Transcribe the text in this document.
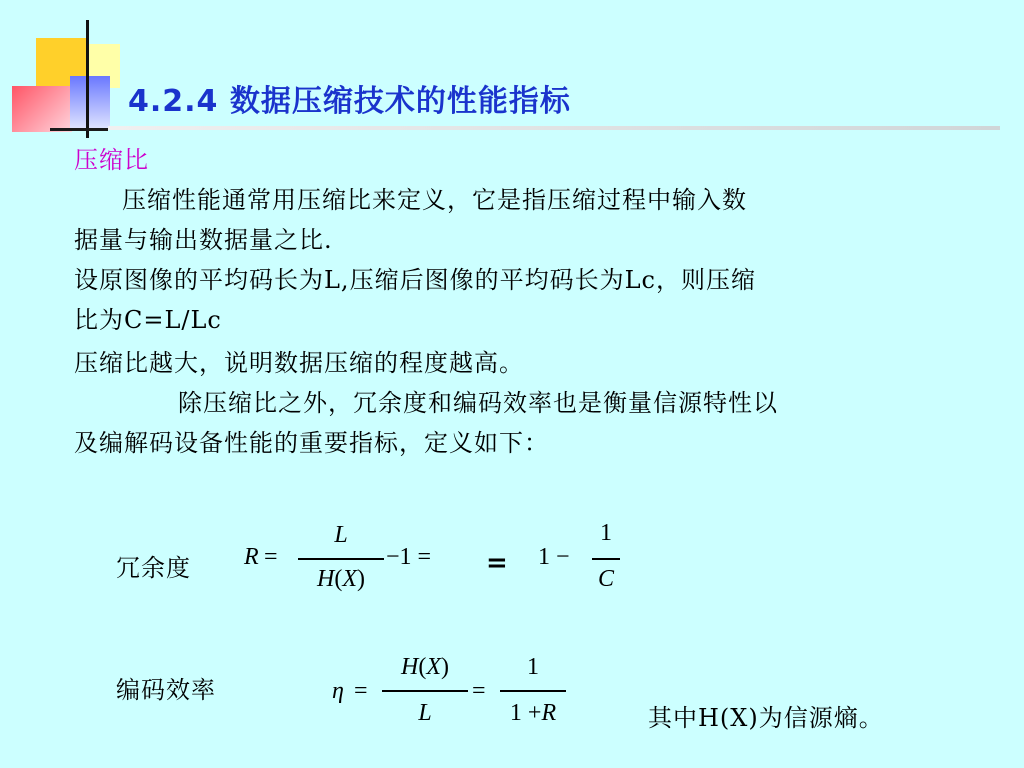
4.2.4 数据压缩技术的性能指标
压缩比
压缩性能通常用压缩比来定义，它是指压缩过程中输入数
据量与输出数据量之比.
设原图像的平均码长为L,压缩后图像的平均码长为Lc，则压缩
比为C=L/Lc
压缩比越大，说明数据压缩的程度越高。
除压缩比之外，冗余度和编码效率也是衡量信源特性以
及编解码设备性能的重要指标，定义如下：
冗余度 R =
L
H(X)
−1 = = 1 −
1
C
编码效率	η =
H(X)
L
=
1
1 +R	其中H(X)为信源熵。
